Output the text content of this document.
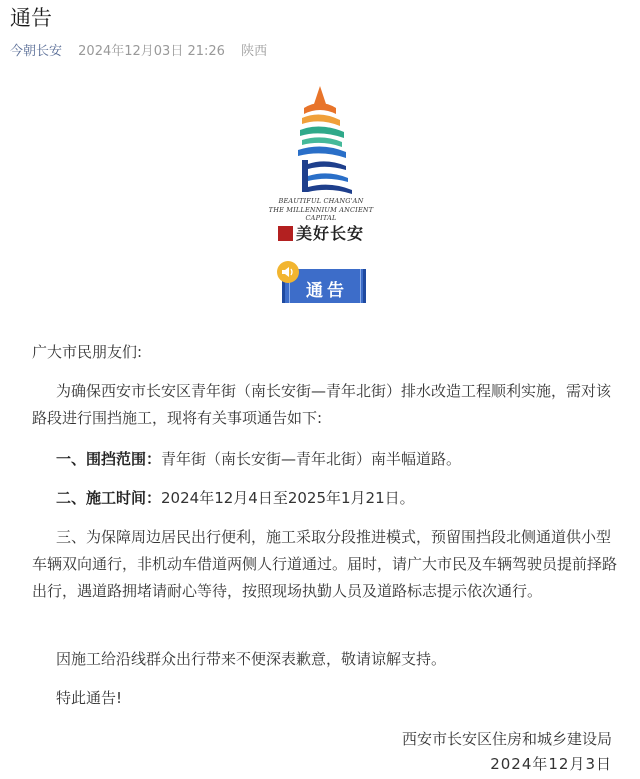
通告
今朝长安 2024年12月03日 21:26 陕西
BEAUTIFUL CHANG'AN
THE MILLENNIUM ANCIENT CAPITAL
美好长安
通告
广大市民朋友们:
为确保西安市长安区青年街（南长安街—青年北街）排水改造工程顺利实施，需对该路段进行围挡施工，现将有关事项通告如下:
一、围挡范围：青年街（南长安街—青年北街）南半幅道路。
二、施工时间：2024年12月4日至2025年1月21日。
三、为保障周边居民出行便利，施工采取分段推进模式，预留围挡段北侧通道供小型车辆双向通行，非机动车借道两侧人行道通过。届时，请广大市民及车辆驾驶员提前择路出行，遇道路拥堵请耐心等待，按照现场执勤人员及道路标志提示依次通行。
因施工给沿线群众出行带来不便深表歉意，敬请谅解支持。
特此通告!
西安市长安区住房和城乡建设局
2024年12月3日
